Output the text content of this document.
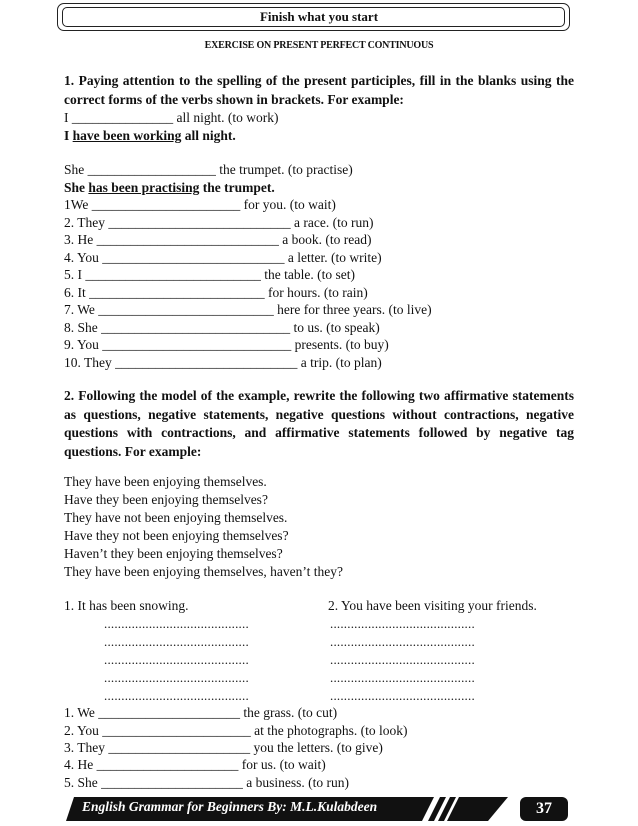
Finish what you start
EXERCISE ON PRESENT PERFECT CONTINUOUS
1. Paying attention to the spelling of the present participles, fill in the blanks using the correct forms of the verbs shown in brackets. For example:
I _______________ all night. (to work)
I have been working all night.
She ___________________ the trumpet. (to practise)
She has been practising the trumpet.
1We ______________________ for you. (to wait)
2. They ___________________________ a race. (to run)
3. He ___________________________ a book. (to read)
4. You ___________________________ a letter. (to write)
5. I __________________________ the table. (to set)
6. It __________________________ for hours. (to rain)
7. We __________________________ here for three years. (to live)
8. She ____________________________ to us. (to speak)
9. You ____________________________ presents. (to buy)
10. They ___________________________ a trip. (to plan)
2. Following the model of the example, rewrite the following two affirmative statements as questions, negative statements, negative questions without contractions, negative questions with contractions, and affirmative statements followed by negative tag questions. For example:
They have been enjoying themselves.
Have they been enjoying themselves?
They have not been enjoying themselves.
Have they not been enjoying themselves?
Haven’t they been enjoying themselves?
They have been enjoying themselves, haven’t they?
1. It has been snowing.	2. You have been visiting your friends.
..........................................	..........................................
..........................................	..........................................
..........................................	..........................................
..........................................	..........................................
..........................................	..........................................
1. We _____________________ the grass. (to cut)
2. You ______________________ at the photographs. (to look)
3. They _____________________ you the letters. (to give)
4. He _____________________ for us. (to wait)
5. She _____________________ a business. (to run)
English Grammar for Beginners By: M.L.Kulabdeen	37
